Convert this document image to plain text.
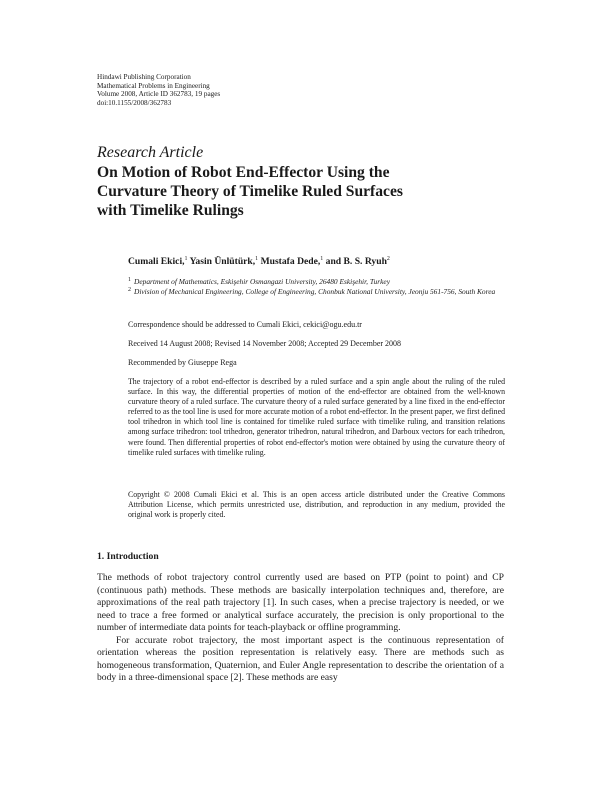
Hindawi Publishing Corporation
Mathematical Problems in Engineering
Volume 2008, Article ID 362783, 19 pages
doi:10.1155/2008/362783
Research Article
On Motion of Robot End-Effector Using the
Curvature Theory of Timelike Ruled Surfaces
with Timelike Rulings
Cumali Ekici,$^1$ Yasin Ünlütürk,$^1$ Mustafa Dede,$^1$ and B. S. Ryuh$^2$
1 Department of Mathematics, Eskişehir Osmangazi University, 26480 Eskişehir, Turkey
2 Division of Mechanical Engineering, College of Engineering, Chonbuk National University, Jeonju 561-756, South Korea
Correspondence should be addressed to Cumali Ekici, cekici@ogu.edu.tr
Received 14 August 2008; Revised 14 November 2008; Accepted 29 December 2008
Recommended by Giuseppe Rega
The trajectory of a robot end-effector is described by a ruled surface and a spin angle about the ruling of the ruled surface. In this way, the differential properties of motion of the end-effector are obtained from the well-known curvature theory of a ruled surface. The curvature theory of a ruled surface generated by a line fixed in the end-effector referred to as the tool line is used for more accurate motion of a robot end-effector. In the present paper, we first defined tool trihedron in which tool line is contained for timelike ruled surface with timelike ruling, and transition relations among surface trihedron: tool trihedron, generator trihedron, natural trihedron, and Darboux vectors for each trihedron, were found. Then differential properties of robot end-effector's motion were obtained by using the curvature theory of timelike ruled surfaces with timelike ruling.
Copyright © 2008 Cumali Ekici et al. This is an open access article distributed under the Creative Commons Attribution License, which permits unrestricted use, distribution, and reproduction in any medium, provided the original work is properly cited.
1. Introduction

The methods of robot trajectory control currently used are based on PTP (point to point) and CP (continuous path) methods. These methods are basically interpolation techniques and, therefore, are approximations of the real path trajectory [1]. In such cases, when a precise trajectory is needed, or we need to trace a free formed or analytical surface accurately, the precision is only proportional to the number of intermediate data points for teach-playback or offline programming.

For accurate robot trajectory, the most important aspect is the continuous representation of orientation whereas the position representation is relatively easy. There are methods such as homogeneous transformation, Quaternion, and Euler Angle representation to describe the orientation of a body in a three-dimensional space [2]. These methods are easy
